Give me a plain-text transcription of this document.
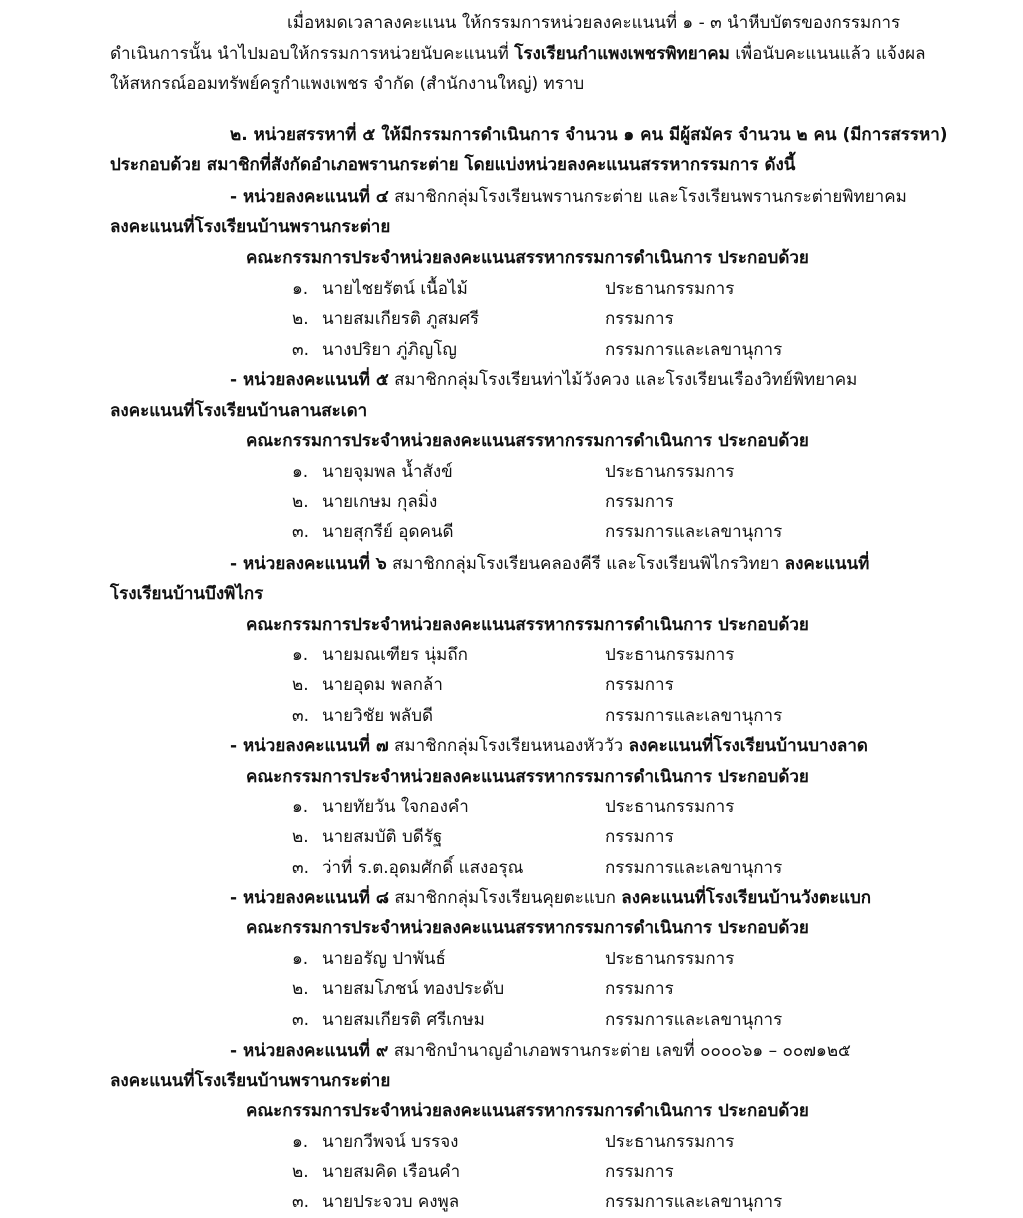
เมื่อหมดเวลาลงคะแนน ให้กรรมการหน่วยลงคะแนนที่ ๑ - ๓ นำหีบบัตรของกรรมการ
ดำเนินการนั้น นำไปมอบให้กรรมการหน่วยนับคะแนนที่ โรงเรียนกำแพงเพชรพิทยาคม เพื่อนับคะแนนแล้ว แจ้งผล
ให้สหกรณ์ออมทรัพย์ครูกำแพงเพชร จำกัด (สำนักงานใหญ่) ทราบ
๒. หน่วยสรรหาที่ ๕ ให้มีกรรมการดำเนินการ จำนวน ๑ คน มีผู้สมัคร จำนวน ๒ คน (มีการสรรหา)
ประกอบด้วย สมาชิกที่สังกัดอำเภอพรานกระต่าย โดยแบ่งหน่วยลงคะแนนสรรหากรรมการ ดังนี้
- หน่วยลงคะแนนที่ ๔ สมาชิกกลุ่มโรงเรียนพรานกระต่าย และโรงเรียนพรานกระต่ายพิทยาคม
ลงคะแนนที่โรงเรียนบ้านพรานกระต่าย
คณะกรรมการประจำหน่วยลงคะแนนสรรหากรรมการดำเนินการ ประกอบด้วย
๑. นายไชยรัตน์ เนื้อไม้	ประธานกรรมการ
๒. นายสมเกียรติ ภูสมศรี	กรรมการ
๓. นางปริยา ภู่ภิญโญ	กรรมการและเลขานุการ
- หน่วยลงคะแนนที่ ๕ สมาชิกกลุ่มโรงเรียนท่าไม้วังควง และโรงเรียนเรืองวิทย์พิทยาคม
ลงคะแนนที่โรงเรียนบ้านลานสะเดา
คณะกรรมการประจำหน่วยลงคะแนนสรรหากรรมการดำเนินการ ประกอบด้วย
๑. นายจุมพล น้ำสังข์	ประธานกรรมการ
๒. นายเกษม กุลมิ่ง	กรรมการ
๓. นายสุกรีย์ อุดคนดี	กรรมการและเลขานุการ
- หน่วยลงคะแนนที่ ๖ สมาชิกกลุ่มโรงเรียนคลองคีรี และโรงเรียนพิไกรวิทยา ลงคะแนนที่
โรงเรียนบ้านบึงพิไกร
คณะกรรมการประจำหน่วยลงคะแนนสรรหากรรมการดำเนินการ ประกอบด้วย
๑. นายมณเฑียร นุ่มถึก	ประธานกรรมการ
๒. นายอุดม พลกล้า	กรรมการ
๓. นายวิชัย พลับดี	กรรมการและเลขานุการ
- หน่วยลงคะแนนที่ ๗ สมาชิกกลุ่มโรงเรียนหนองหัววัว ลงคะแนนที่โรงเรียนบ้านบางลาด
คณะกรรมการประจำหน่วยลงคะแนนสรรหากรรมการดำเนินการ ประกอบด้วย
๑. นายทัยวัน ใจกองคำ	ประธานกรรมการ
๒. นายสมบัติ บดีรัฐ	กรรมการ
๓. ว่าที่ ร.ต.อุดมศักดิ์ แสงอรุณ	กรรมการและเลขานุการ
- หน่วยลงคะแนนที่ ๘ สมาชิกกลุ่มโรงเรียนคุยตะแบก ลงคะแนนที่โรงเรียนบ้านวังตะแบก
คณะกรรมการประจำหน่วยลงคะแนนสรรหากรรมการดำเนินการ ประกอบด้วย
๑. นายอรัญ ปาพันธ์	ประธานกรรมการ
๒. นายสมโภชน์ ทองประดับ	กรรมการ
๓. นายสมเกียรติ ศรีเกษม	กรรมการและเลขานุการ
- หน่วยลงคะแนนที่ ๙ สมาชิกบำนาญอำเภอพรานกระต่าย เลขที่ ๐๐๐๐๖๑ – ๐๐๗๑๒๕
ลงคะแนนที่โรงเรียนบ้านพรานกระต่าย
คณะกรรมการประจำหน่วยลงคะแนนสรรหากรรมการดำเนินการ ประกอบด้วย
๑. นายกวีพจน์ บรรจง	ประธานกรรมการ
๒. นายสมคิด เรือนคำ	กรรมการ
๓. นายประจวบ คงพูล	กรรมการและเลขานุการ
